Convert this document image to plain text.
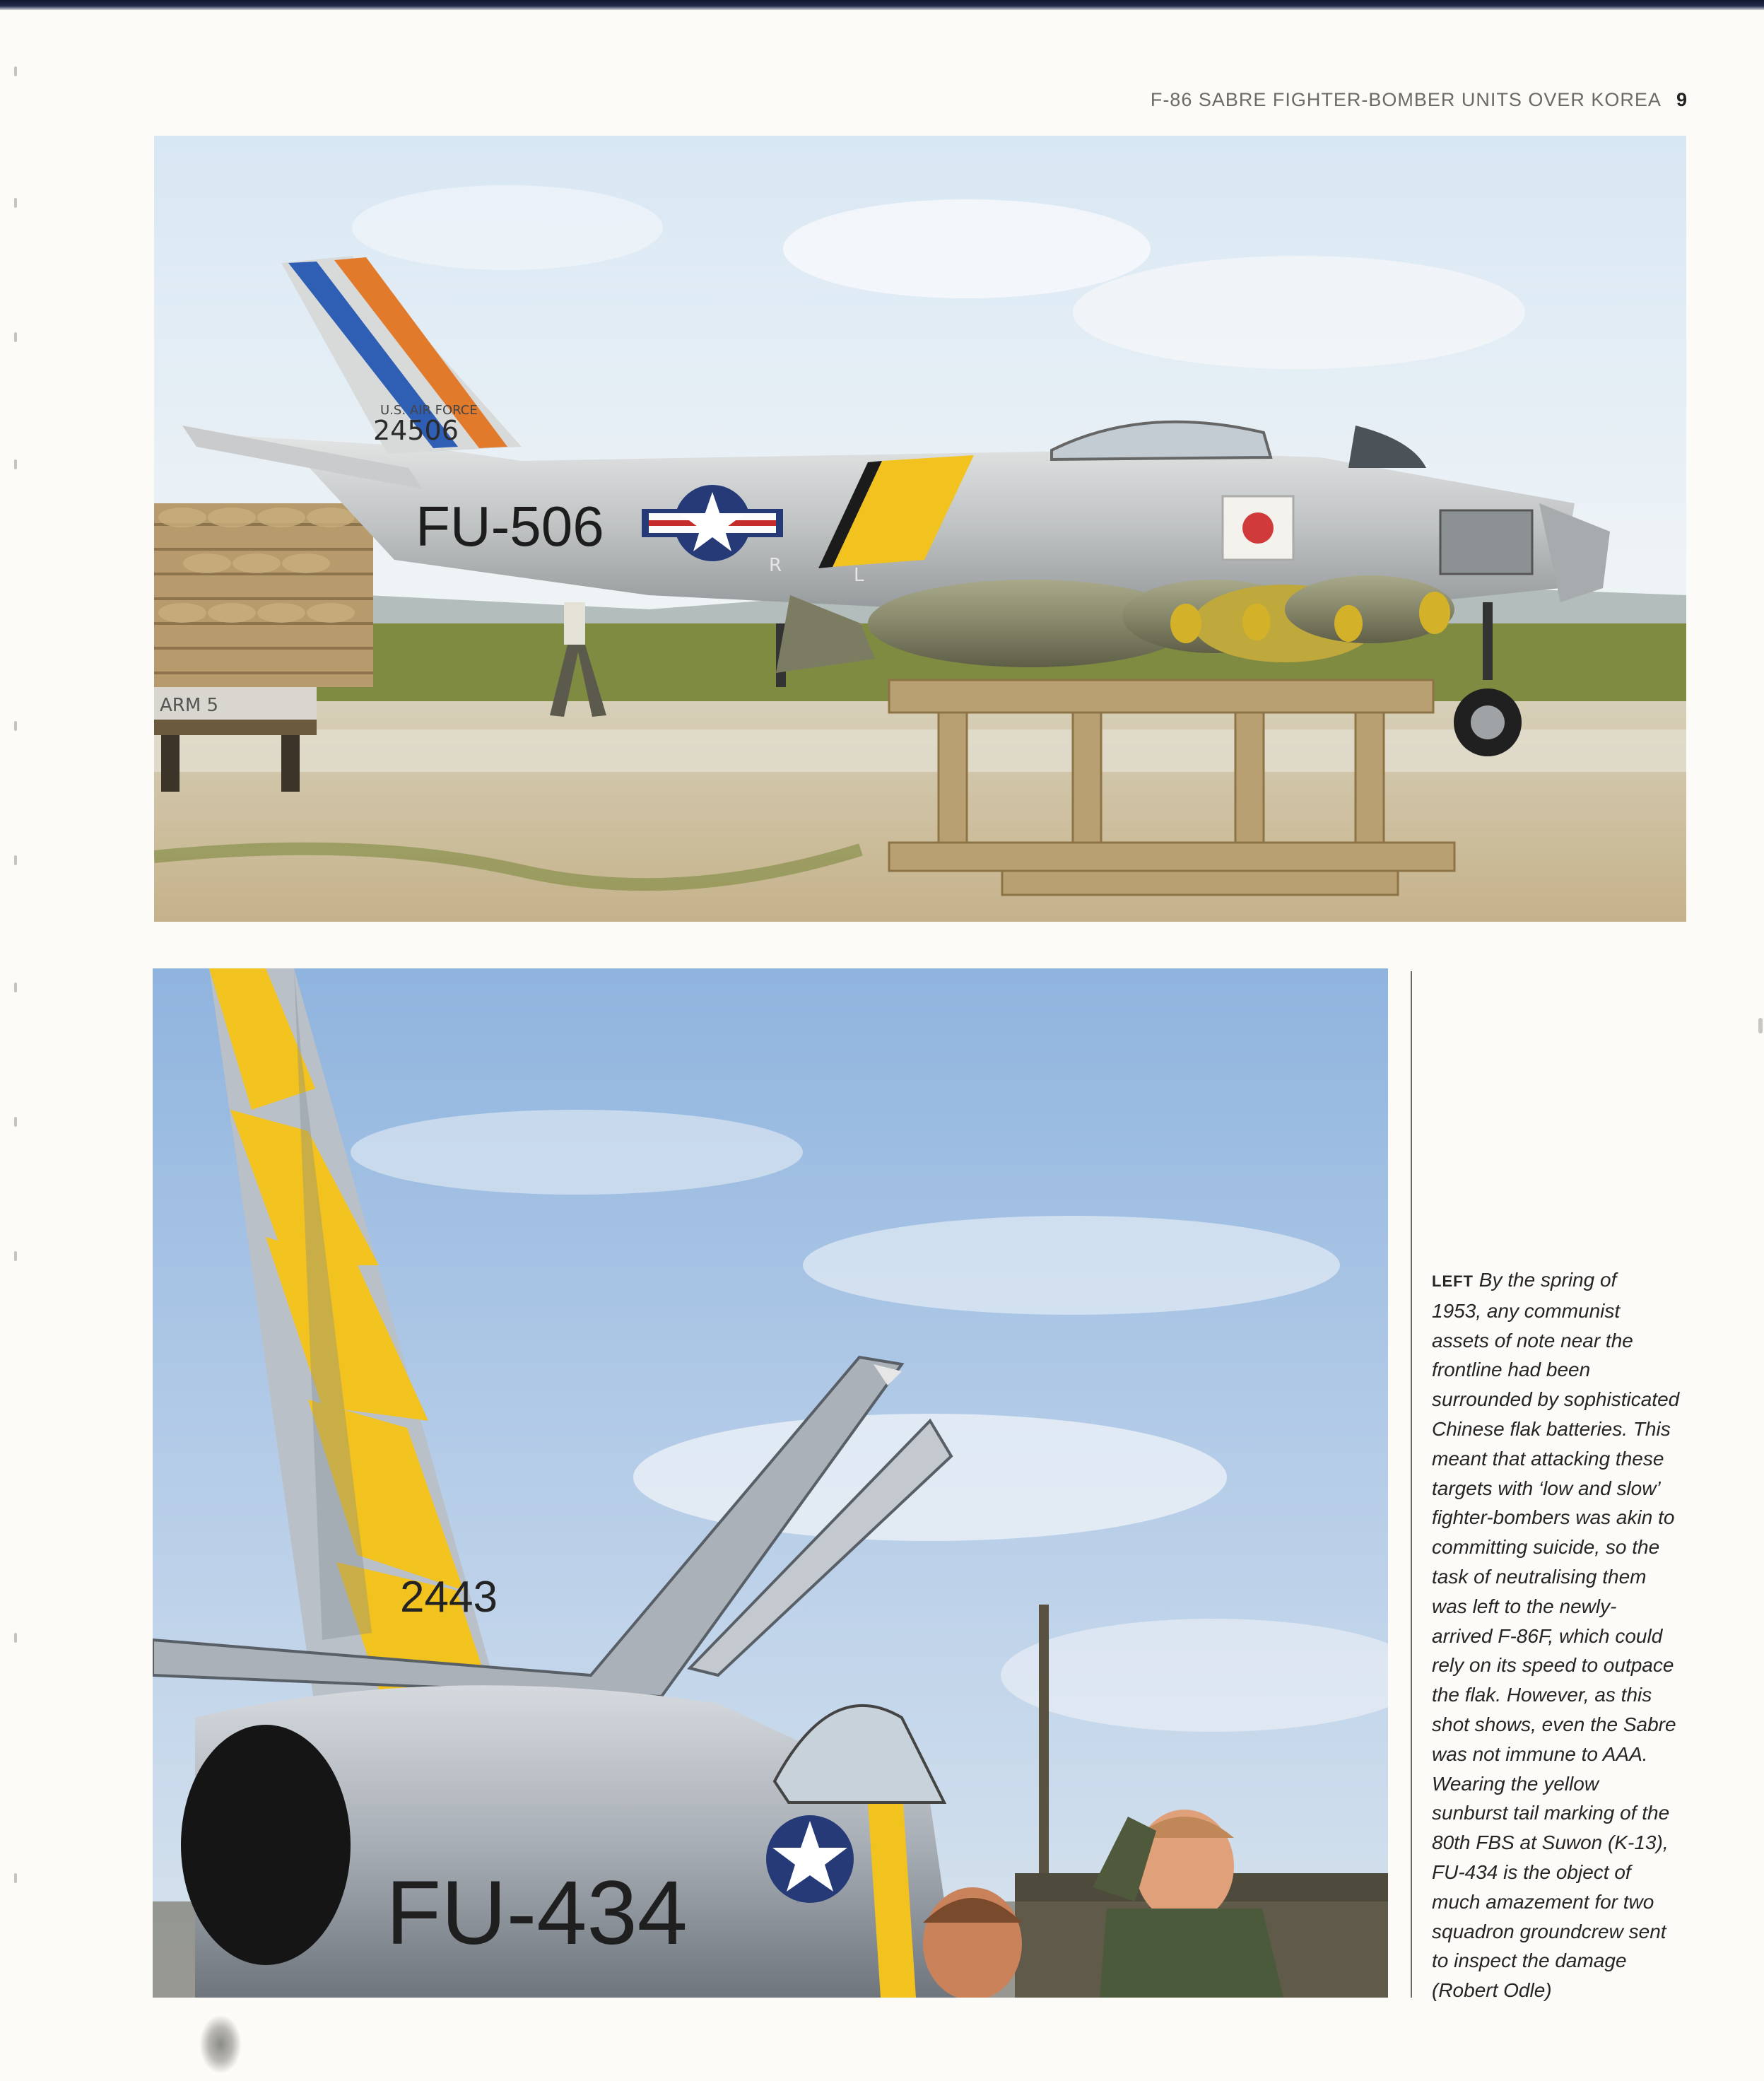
F-86 SABRE FIGHTER-BOMBER UNITS OVER KOREA 9
ARM 5
24506
U.S. AIR FORCE
FU-506
R	L
2443
FU-434

LEFT By the spring of
1953, any communist
assets of note near the
frontline had been
surrounded by sophisticated
Chinese flak batteries. This
meant that attacking these
targets with ‘low and slow’
fighter-bombers was akin to
committing suicide, so the
task of neutralising them
was left to the newly-
arrived F-86F, which could
rely on its speed to outpace
the flak. However, as this
shot shows, even the Sabre
was not immune to AAA.
Wearing the yellow
sunburst tail marking of the
80th FBS at Suwon (K-13),
FU-434 is the object of
much amazement for two
squadron groundcrew sent
to inspect the damage
(Robert Odle)
